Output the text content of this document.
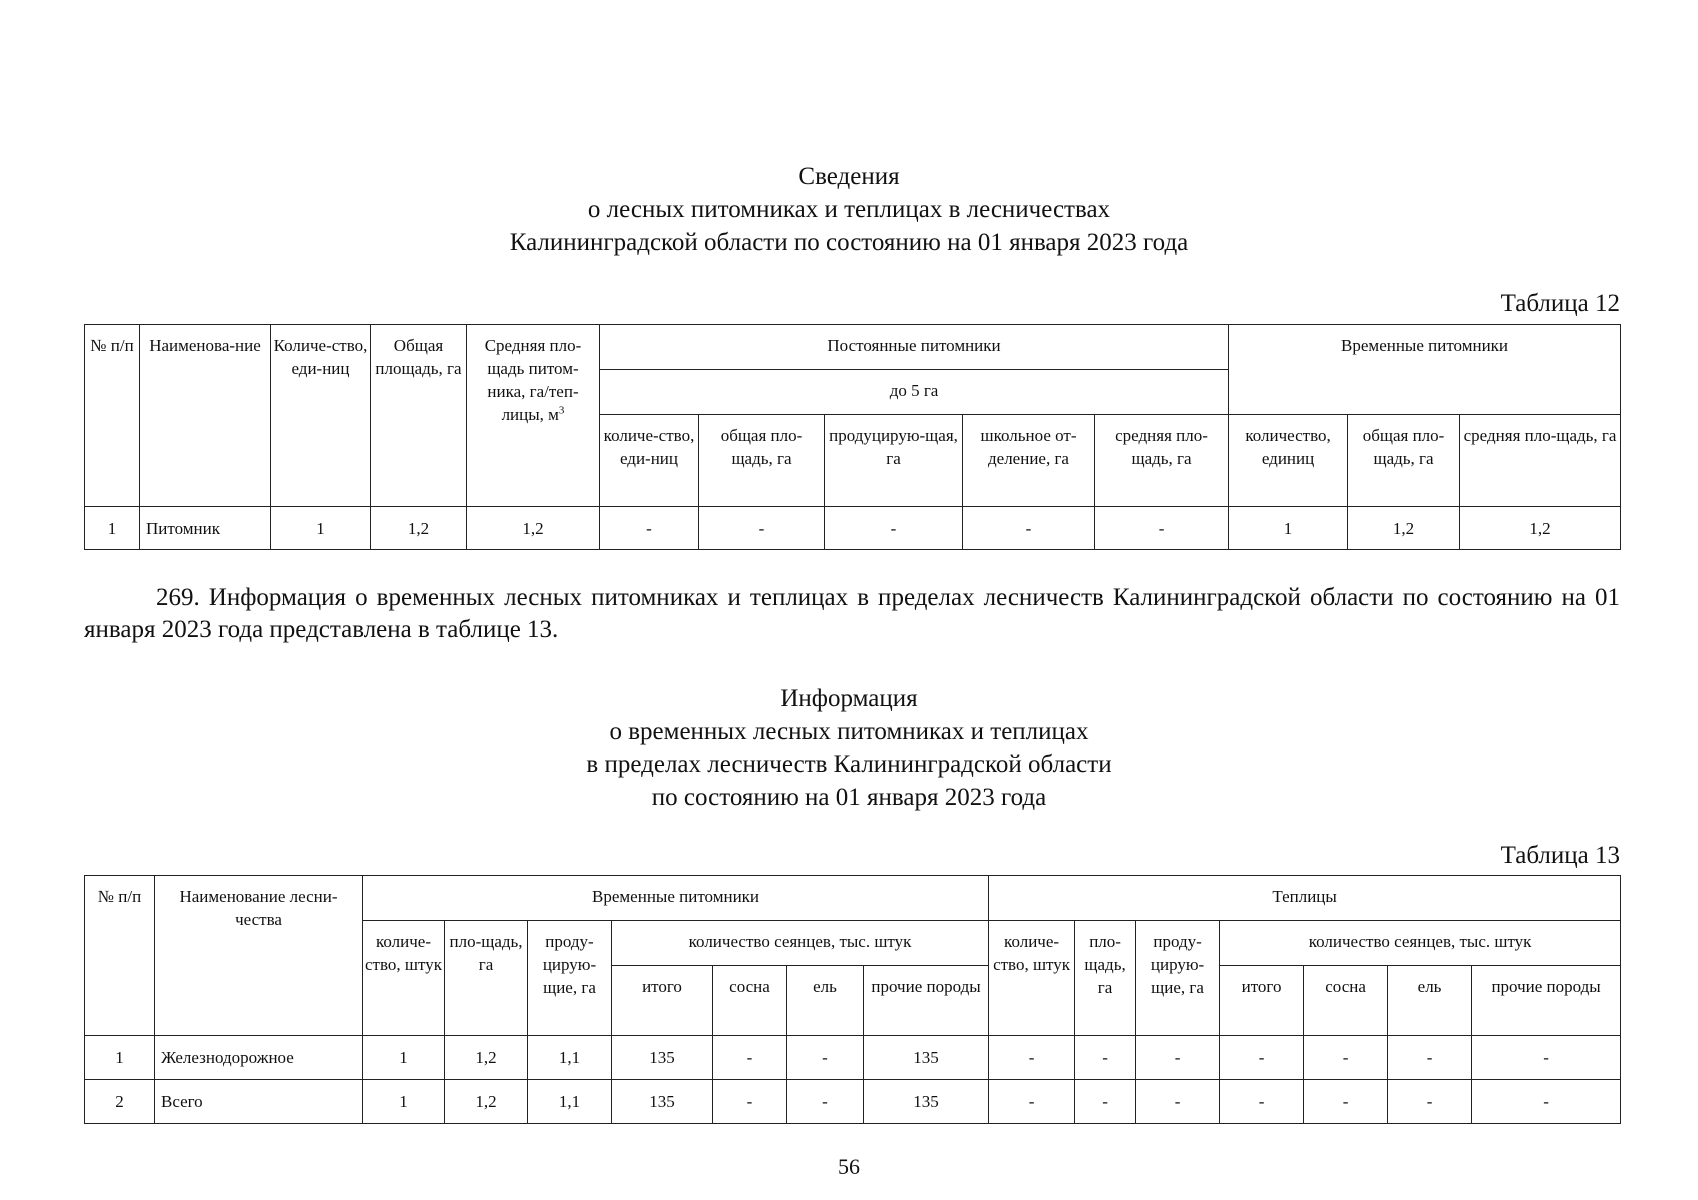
Сведения
о лесных питомниках и теплицах в лесничествах
Калининградской области по состоянию на 01 января 2023 года
Таблица 12
№ п/п	Наименова-ние	Количе-ство, еди-ниц	Общая площадь, га	Средняя пло-щадь питом-ника, га/теп-лицы, $м^3$	Постоянные питомники					Временные питомники		
					до 5 га							
					количе-ство, еди-ниц	общая пло-щадь, га	продуцирую-щая, га	школьное от-деление, га	средняя пло-щадь, га	количество, единиц	общая пло-щадь, га	средняя пло-щадь, га
1	Питомник	1	1,2	1,2	-	-	-	-	-	1	1,2	1,2
269. Информация о временных лесных питомниках и теплицах в пределах лесничеств Калининградской области по состоянию на 01 января 2023 года представлена в таблице 13.
Информация
о временных лесных питомниках и теплицах
в пределах лесничеств Калининградской области
по состоянию на 01 января 2023 года
Таблица 13
№ п/п	Наименование лесни-чества	Временные питомники							Теплицы						
		количе-ство, штук	пло-щадь, га	проду-цирую-щие, га	количество сеянцев, тыс. штук				количе-ство, штук	пло-щадь, га	проду-цирую-щие, га	количество сеянцев, тыс. штук			
					итого	сосна	ель	прочие породы				итого	сосна	ель	прочие породы
1	Железнодорожное	1	1,2	1,1	135	-	-	135	-	-	-	-	-	-	-
2	Всего	1	1,2	1,1	135	-	-	135	-	-	-	-	-	-	-
56
